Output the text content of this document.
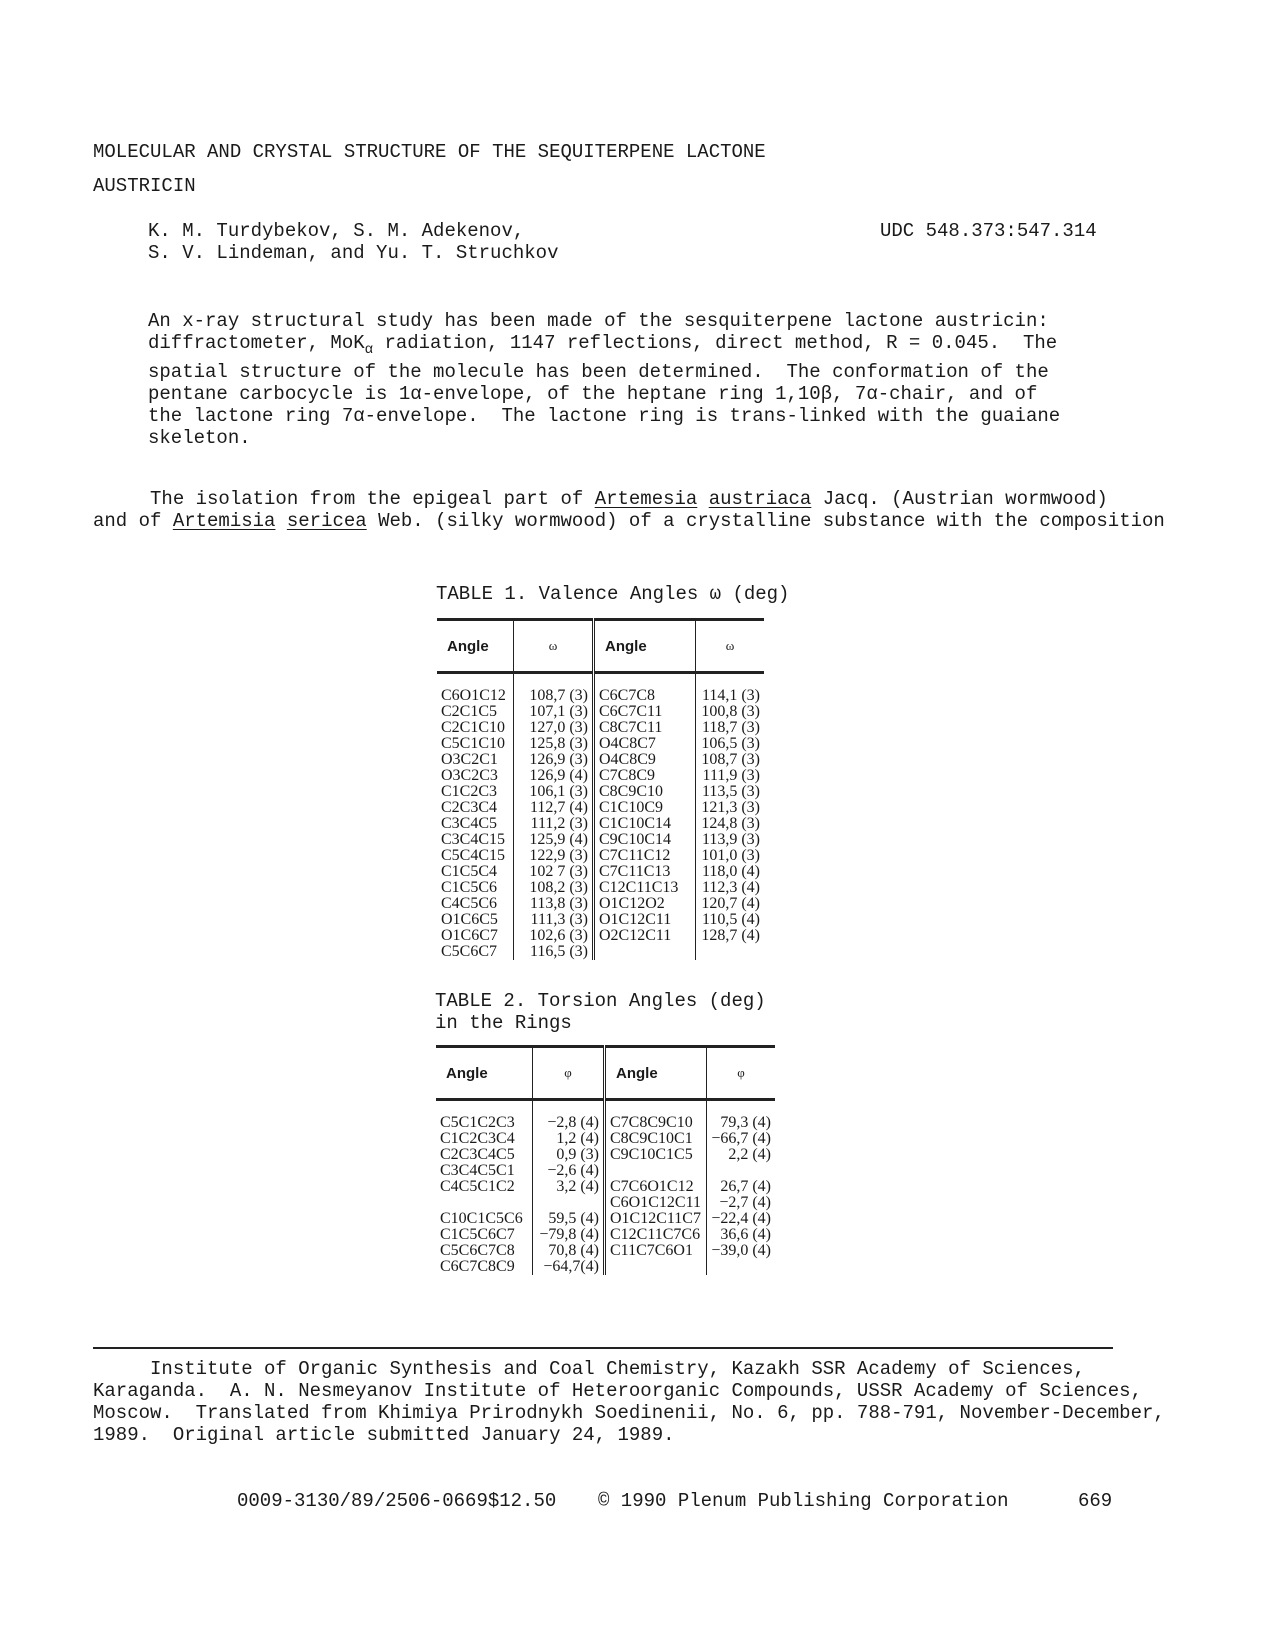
MOLECULAR AND CRYSTAL STRUCTURE OF THE SEQUITERPENE LACTONE
AUSTRICIN
K. M. Turdybekov, S. M. Adekenov,
S. V. Lindeman, and Yu. T. Struchkov
UDC 548.373:547.314
An x-ray structural study has been made of the sesquiterpene lactone austricin:
diffractometer, MoK$_\alpha$ radiation, 1147 reflections, direct method, R = 0.045.  The
spatial structure of the molecule has been determined.  The conformation of the
pentane carbocycle is 1α-envelope, of the heptane ring 1,10β, 7α-chair, and of
the lactone ring 7α-envelope.  The lactone ring is trans-linked with the guaiane
skeleton.
The isolation from the epigeal part of Artemesia austriaca Jacq. (Austrian wormwood)
and of Artemisia sericea Web. (silky wormwood) of a crystalline substance with the composition
TABLE 1. Valence Angles ω (deg)
Angle	ω	Angle	ω
C6O1C12	108,7 (3)	C6C7C8	114,1 (3)
C2C1C5	107,1 (3)	C6C7C11	100,8 (3)
C2C1C10	127,0 (3)	C8C7C11	118,7 (3)
C5C1C10	125,8 (3)	O4C8C7	106,5 (3)
O3C2C1	126,9 (3)	O4C8C9	108,7 (3)
O3C2C3	126,9 (4)	C7C8C9	111,9 (3)
C1C2C3	106,1 (3)	C8C9C10	113,5 (3)
C2C3C4	112,7 (4)	C1C10C9	121,3 (3)
C3C4C5	111,2 (3)	C1C10C14	124,8 (3)
C3C4C15	125,9 (4)	C9C10C14	113,9 (3)
C5C4C15	122,9 (3)	C7C11C12	101,0 (3)
C1C5C4	102 7 (3)	C7C11C13	118,0 (4)
C1C5C6	108,2 (3)	C12C11C13	112,3 (4)
C4C5C6	113,8 (3)	O1C12O2	120,7 (4)
O1C6C5	111,3 (3)	O1C12C11	110,5 (4)
O1C6C7	102,6 (3)	O2C12C11	128,7 (4)
C5C6C7	116,5 (3)		
TABLE 2. Torsion Angles (deg)
in the Rings
Angle	φ	Angle	φ
C5C1C2C3	−2,8 (4)	C7C8C9C10	79,3 (4)
C1C2C3C4	1,2 (4)	C8C9C10C1	−66,7 (4)
C2C3C4C5	0,9 (3)	C9C10C1C5	2,2 (4)
C3C4C5C1	−2,6 (4)		
C4C5C1C2	3,2 (4)	C7C6O1C12	26,7 (4)
		C6O1C12C11	−2,7 (4)
C10C1C5C6	59,5 (4)	O1C12C11C7	−22,4 (4)
C1C5C6C7	−79,8 (4)	C12C11C7C6	36,6 (4)
C5C6C7C8	70,8 (4)	C11C7C6O1	−39,0 (4)
C6C7C8C9	−64,7(4)		
Institute of Organic Synthesis and Coal Chemistry, Kazakh SSR Academy of Sciences,
Karaganda.  A. N. Nesmeyanov Institute of Heteroorganic Compounds, USSR Academy of Sciences,
Moscow.  Translated from Khimiya Prirodnykh Soedinenii, No. 6, pp. 788-791, November-December,
1989.  Original article submitted January 24, 1989.
0009-3130/89/2506-0669$12.50 © 1990 Plenum Publishing Corporation	669
